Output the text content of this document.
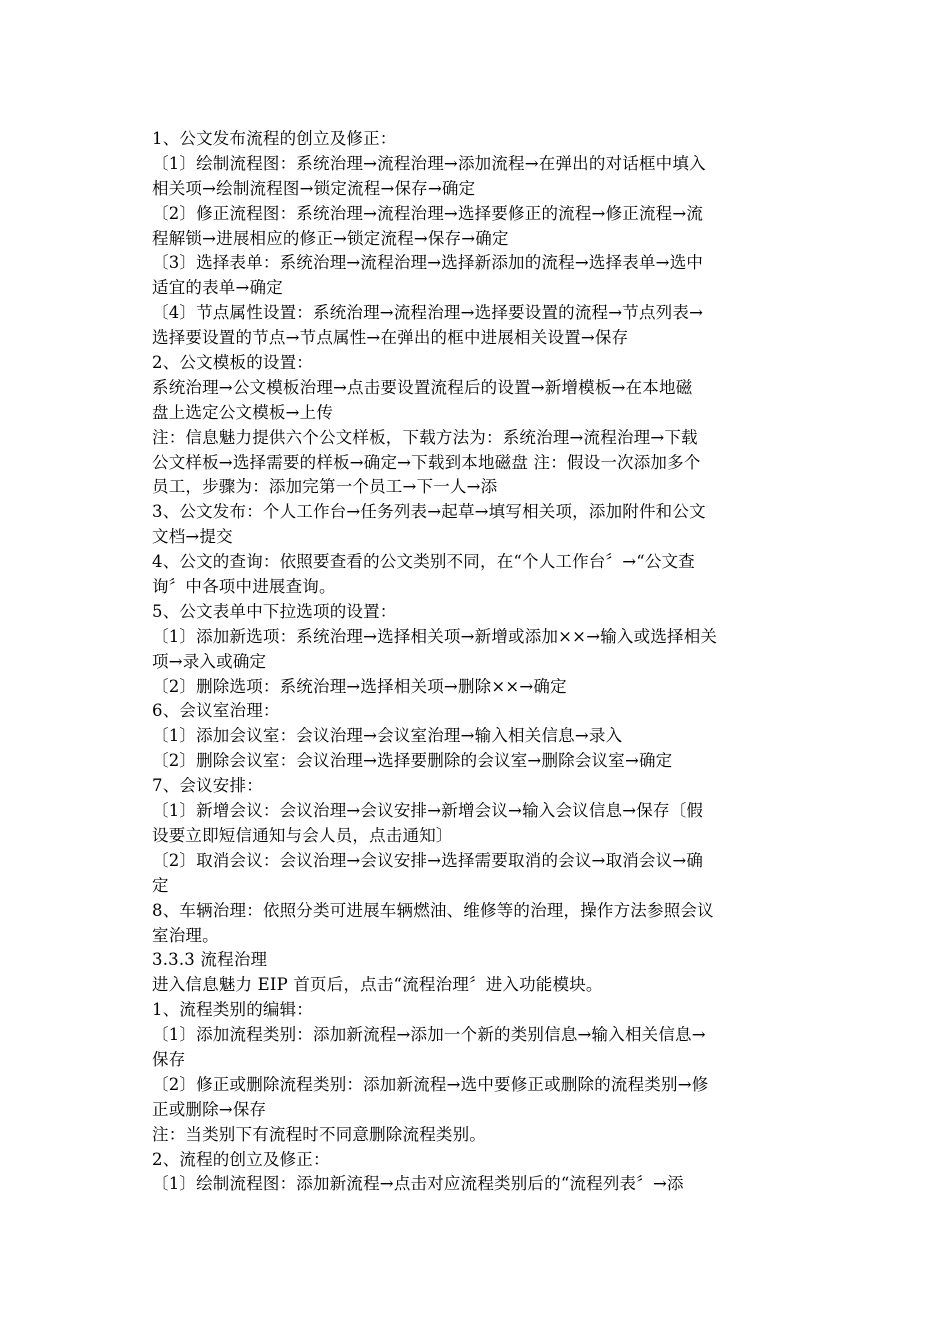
1、公文发布流程的创立及修正：
〔1〕绘制流程图：系统治理→流程治理→添加流程→在弹出的对话框中填入
相关项→绘制流程图→锁定流程→保存→确定
〔2〕修正流程图：系统治理→流程治理→选择要修正的流程→修正流程→流
程解锁→进展相应的修正→锁定流程→保存→确定
〔3〕选择表单：系统治理→流程治理→选择新添加的流程→选择表单→选中
适宜的表单→确定
〔4〕节点属性设置：系统治理→流程治理→选择要设置的流程→节点列表→
选择要设置的节点→节点属性→在弹出的框中进展相关设置→保存
2、公文模板的设置：
系统治理→公文模板治理→点击要设置流程后的设置→新增模板→在本地磁
盘上选定公文模板→上传
注：信息魅力提供六个公文样板，下载方法为：系统治理→流程治理→下载
公文样板→选择需要的样板→确定→下载到本地磁盘 注：假设一次添加多个
员工，步骤为：添加完第一个员工→下一人→添
3、公文发布：个人工作台→任务列表→起草→填写相关项，添加附件和公文
文档→提交
4、公文的查询：依照要查看的公文类别不同，在“个人工作台〞→“公文查
询〞中各项中进展查询。
5、公文表单中下拉选项的设置：
〔1〕添加新选项：系统治理→选择相关项→新增或添加××→输入或选择相关
项→录入或确定
〔2〕删除选项：系统治理→选择相关项→删除××→确定
6、会议室治理：
〔1〕添加会议室：会议治理→会议室治理→输入相关信息→录入
〔2〕删除会议室：会议治理→选择要删除的会议室→删除会议室→确定
7、会议安排：
〔1〕新增会议：会议治理→会议安排→新增会议→输入会议信息→保存〔假
设要立即短信通知与会人员，点击通知〕
〔2〕取消会议：会议治理→会议安排→选择需要取消的会议→取消会议→确
定
8、车辆治理：依照分类可进展车辆燃油、维修等的治理，操作方法参照会议
室治理。
3.3.3 流程治理
进入信息魅力 EIP 首页后，点击“流程治理〞进入功能模块。
1、流程类别的编辑：
〔1〕添加流程类别：添加新流程→添加一个新的类别信息→输入相关信息→
保存
〔2〕修正或删除流程类别：添加新流程→选中要修正或删除的流程类别→修
正或删除→保存
注：当类别下有流程时不同意删除流程类别。
2、流程的创立及修正：
〔1〕绘制流程图：添加新流程→点击对应流程类别后的“流程列表〞→添
